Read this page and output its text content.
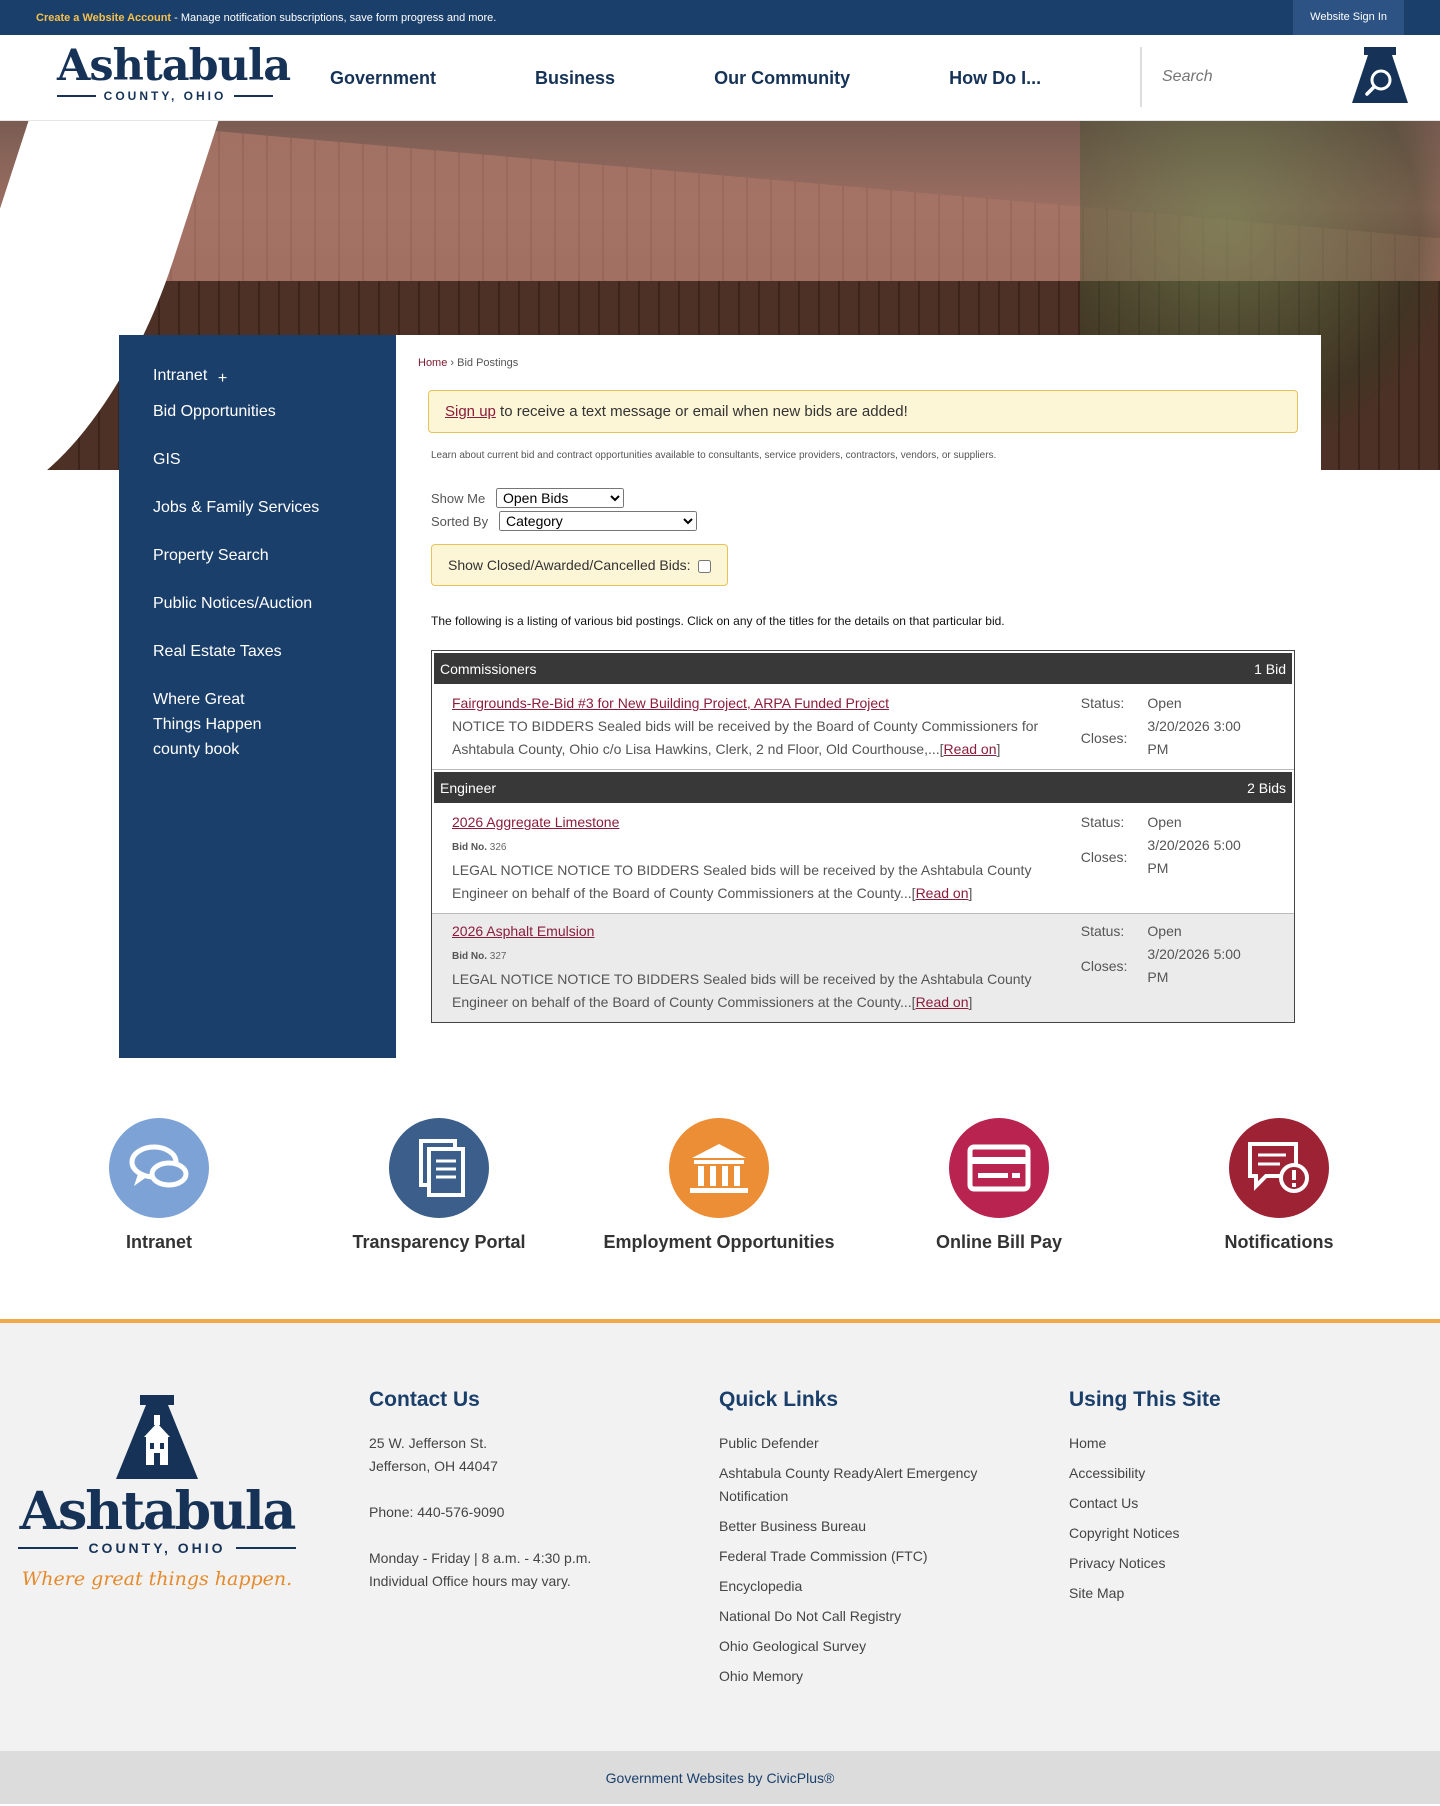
Create a Website Account - Manage notification subscriptions, save form progress and more.	Website Sign In
Ashtabula
COUNTY, OHIO
Government	Business	Our Community	How Do I...
Search
Intranet +
Bid Opportunities
GIS
Jobs & Family Services
Property Search
Public Notices/Auction
Real Estate Taxes
Where Great Things Happen county book
Home › Bid Postings
Sign up to receive a text message or email when new bids are added!

Learn about current bid and contract opportunities available to consultants, service providers, contractors, vendors, or suppliers.

Show Me
Open Bids
Sorted By
Category
Show Closed/Awarded/Cancelled Bids:

The following is a listing of various bid postings. Click on any of the titles for the details on that particular bid.

Commissioners	1 Bid
Fairgrounds-Re-Bid #3 for New Building Project, ARPA Funded Project
NOTICE TO BIDDERS Sealed bids will be received by the Board of County Commissioners for Ashtabula County, Ohio c/o Lisa Hawkins, Clerk, 2 nd Floor, Old Courthouse,...[Read on]
Status:	Open
Closes:	3/20/2026 3:00 PM
Engineer	2 Bids
2026 Aggregate Limestone
Bid No. 326
LEGAL NOTICE NOTICE TO BIDDERS Sealed bids will be received by the Ashtabula County Engineer on behalf of the Board of County Commissioners at the County...[Read on]
Status:	Open
Closes:	3/20/2026 5:00 PM
2026 Asphalt Emulsion
Bid No. 327
LEGAL NOTICE NOTICE TO BIDDERS Sealed bids will be received by the Ashtabula County Engineer on behalf of the Board of County Commissioners at the County...[Read on]
Status:	Open
Closes:	3/20/2026 5:00 PM
Intranet	Transparency Portal	Employment Opportunities	Online Bill Pay	Notifications
Ashtabula
COUNTY, OHIO
Where great things happen.
Contact Us

25 W. Jefferson St.

Jefferson, OH 44047

Phone: 440-576-9090

Monday - Friday | 8 a.m. - 4:30 p.m.

Individual Office hours may vary.

Quick Links
Public Defender
Ashtabula County ReadyAlert Emergency Notification
Better Business Bureau
Federal Trade Commission (FTC)
Encyclopedia
National Do Not Call Registry
Ohio Geological Survey
Ohio Memory
Using This Site
Home
Accessibility
Contact Us
Copyright Notices
Privacy Notices
Site Map
Government Websites by CivicPlus®
